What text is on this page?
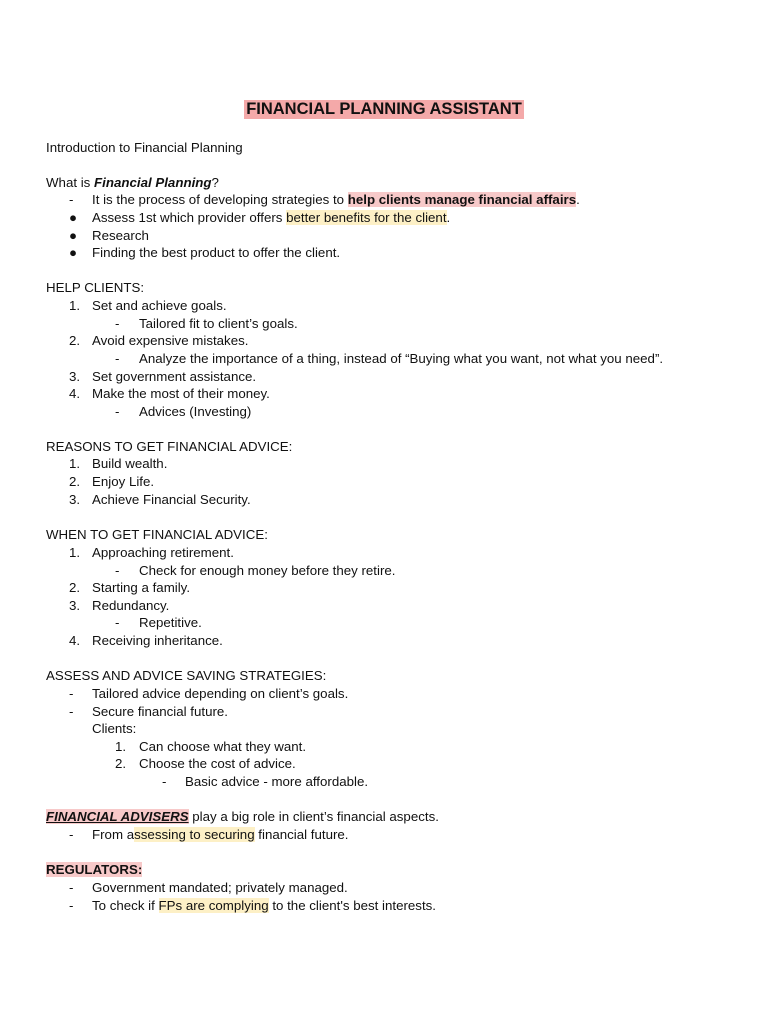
FINANCIAL PLANNING ASSISTANT
Introduction to Financial Planning
What is Financial Planning?
- It is the process of developing strategies to help clients manage financial affairs.
● Assess 1st which provider offers better benefits for the client.
● Research
● Finding the best product to offer the client.
HELP CLIENTS:
1. Set and achieve goals.
- Tailored fit to client’s goals.
2. Avoid expensive mistakes.
- Analyze the importance of a thing, instead of “Buying what you want, not what you need”.
3. Set government assistance.
4. Make the most of their money.
- Advices (Investing)
REASONS TO GET FINANCIAL ADVICE:
1. Build wealth.
2. Enjoy Life.
3. Achieve Financial Security.
WHEN TO GET FINANCIAL ADVICE:
1. Approaching retirement.
- Check for enough money before they retire.
2. Starting a family.
3. Redundancy.
- Repetitive.
4. Receiving inheritance.
ASSESS AND ADVICE SAVING STRATEGIES:
- Tailored advice depending on client’s goals.
- Secure financial future.
Clients:
1. Can choose what they want.
2. Choose the cost of advice.
- Basic advice - more affordable.
FINANCIAL ADVISERS play a big role in client’s financial aspects.
- From assessing to securing financial future.
REGULATORS:
- Government mandated; privately managed.
- To check if FPs are complying to the client's best interests.
